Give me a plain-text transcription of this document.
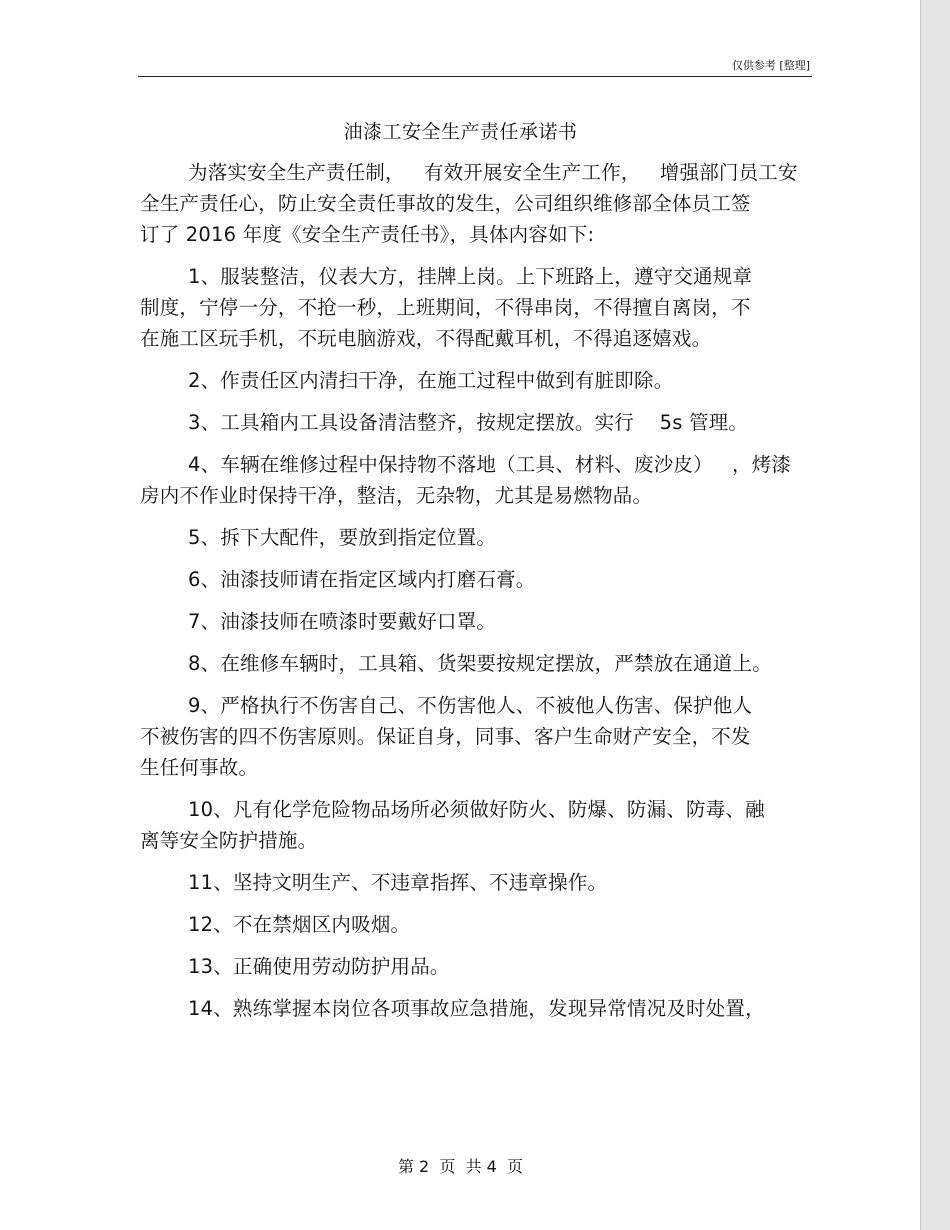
仅供参考 [整理]
油漆工安全生产责任承诺书
为落实安全生产责任制，   有效开展安全生产工作，   增强部门员工安
全生产责任心，防止安全责任事故的发生，公司组织维修部全体员工签
订了 2016 年度《安全生产责任书》，具体内容如下:
1、服装整洁，仪表大方，挂牌上岗。上下班路上，遵守交通规章
制度，宁停一分，不抢一秒，上班期间，不得串岗，不得擅自离岗，不
在施工区玩手机，不玩电脑游戏，不得配戴耳机，不得追逐嬉戏。
2、作责任区内清扫干净，在施工过程中做到有脏即除。
3、工具箱内工具设备清洁整齐，按规定摆放。实行    5s 管理。
4、车辆在维修过程中保持物不落地（工具、材料、废沙皮）   ，烤漆
房内不作业时保持干净，整洁，无杂物，尤其是易燃物品。
5、拆下大配件，要放到指定位置。
6、油漆技师请在指定区域内打磨石膏。
7、油漆技师在喷漆时要戴好口罩。
8、在维修车辆时，工具箱、货架要按规定摆放，严禁放在通道上。
9、严格执行不伤害自己、不伤害他人、不被他人伤害、保护他人
不被伤害的四不伤害原则。保证自身，同事、客户生命财产安全，不发
生任何事故。
10、凡有化学危险物品场所必须做好防火、防爆、防漏、防毒、融
离等安全防护措施。
11、坚持文明生产、不违章指挥、不违章操作。
12、不在禁烟区内吸烟。
13、正确使用劳动防护用品。
14、熟练掌握本岗位各项事故应急措施，发现异常情况及时处置，
第 2  页  共 4  页
